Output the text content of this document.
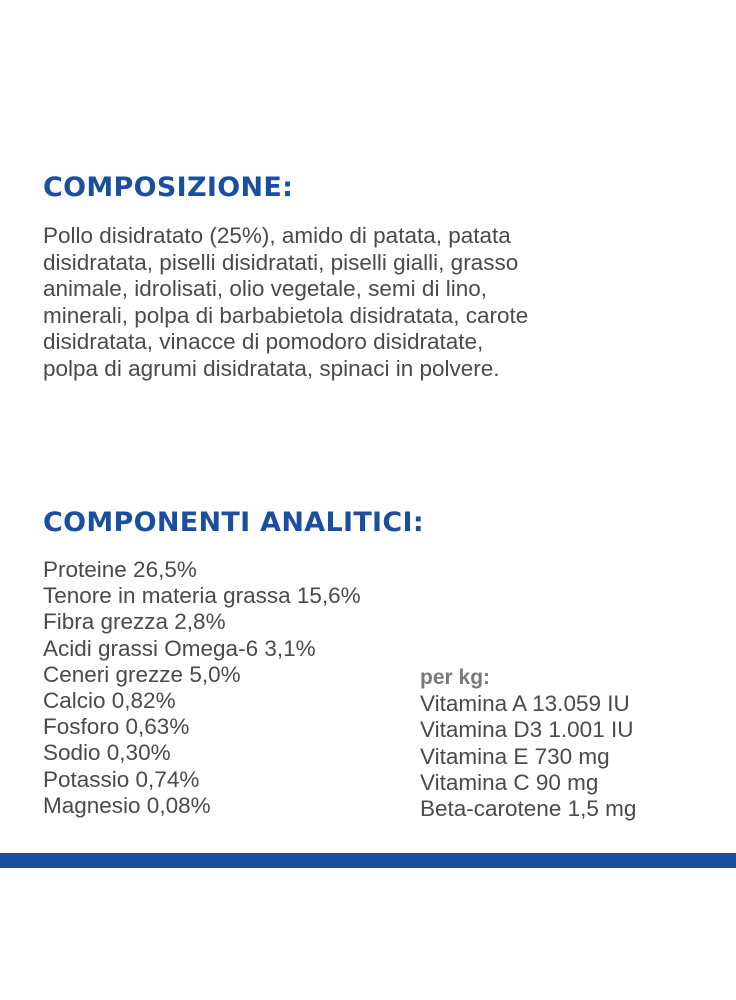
COMPOSIZIONE:

Pollo disidratato (25%), amido di patata, patata
disidratata, piselli disidratati, piselli gialli, grasso
animale, idrolisati, olio vegetale, semi di lino,
minerali, polpa di barbabietola disidratata, carote
disidratata, vinacce di pomodoro disidratate,
polpa di agrumi disidratata, spinaci in polvere.

COMPONENTI ANALITICI:
Proteine 26,5%
Tenore in materia grassa 15,6%
Fibra grezza 2,8%
Acidi grassi Omega-6 3,1%
Ceneri grezze 5,0%
Calcio 0,82%
Fosforo 0,63%
Sodio 0,30%
Potassio 0,74%
Magnesio 0,08%
per kg:
Vitamina A 13.059 IU
Vitamina D3 1.001 IU
Vitamina E 730 mg
Vitamina C 90 mg
Beta-carotene 1,5 mg
